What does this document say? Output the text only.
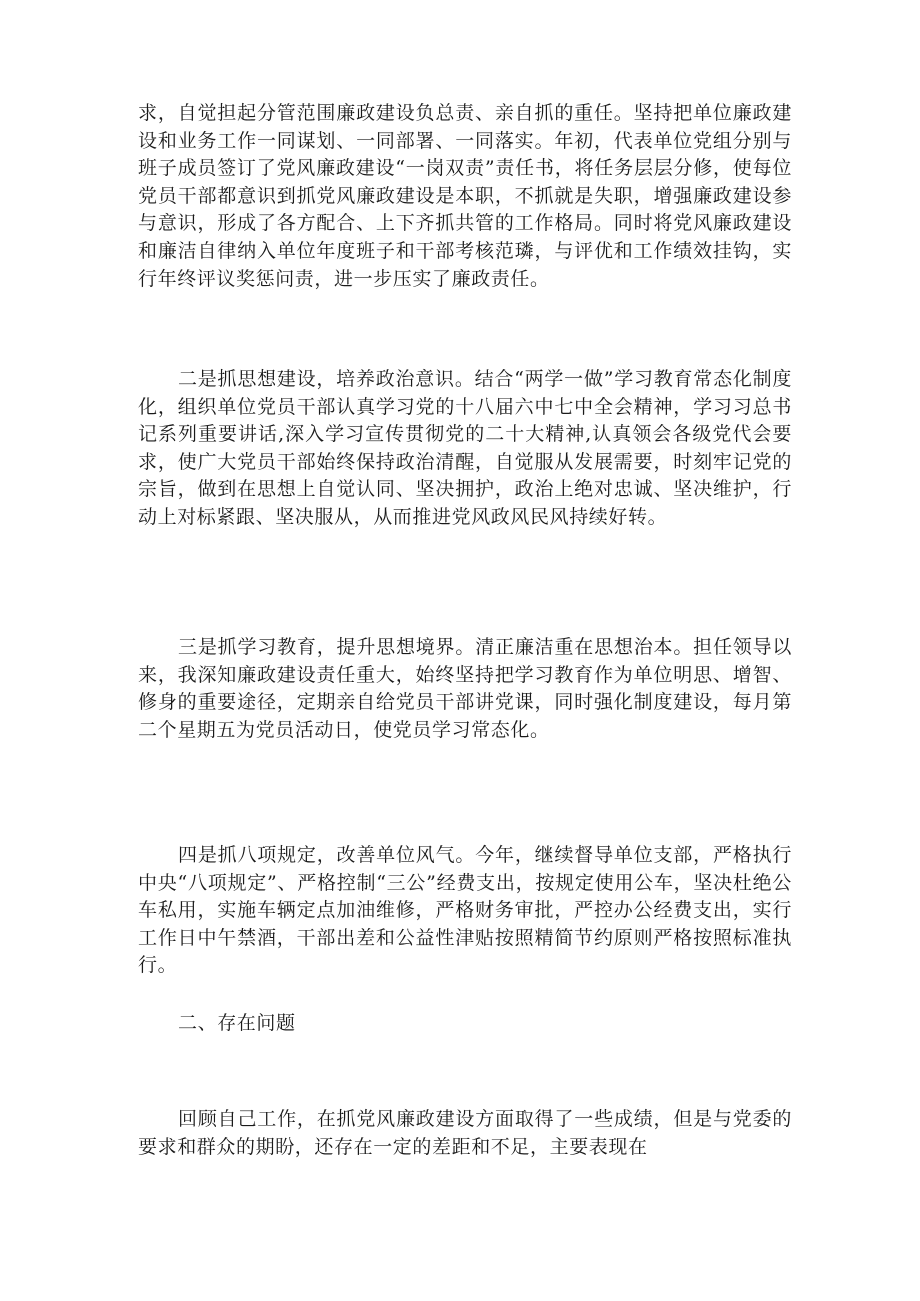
求，自觉担起分管范围廉政建设负总责、亲自抓的重任。坚持把单位廉政建设和业务工作一同谋划、一同部署、一同落实。年初，代表单位党组分别与班子成员签订了党风廉政建设“一岗双责”责任书，将任务层层分修，使每位党员干部都意识到抓党风廉政建设是本职，不抓就是失职，增强廉政建设参与意识，形成了各方配合、上下齐抓共管的工作格局。同时将党风廉政建设和廉洁自律纳入单位年度班子和干部考核范璘，与评优和工作绩效挂钩，实行年终评议奖惩问责，进一步压实了廉政责任。

二是抓思想建设，培养政治意识。结合“两学一做”学习教育常态化制度化，组织单位党员干部认真学习党的十八届六中七中全会精神，学习习总书记系列重要讲话,深入学习宣传贯彻党的二十大精神,认真领会各级党代会要求，使广大党员干部始终保持政治清醒，自觉服从发展需要，时刻牢记党的宗旨，做到在思想上自觉认同、坚决拥护，政治上绝对忠诚、坚决维护，行动上对标紧跟、坚决服从，从而推进党风政风民风持续好转。

三是抓学习教育，提升思想境界。清正廉洁重在思想治本。担任领导以来，我深知廉政建设责任重大，始终坚持把学习教育作为单位明思、增智、修身的重要途径，定期亲自给党员干部讲党课，同时强化制度建设，每月第二个星期五为党员活动日，使党员学习常态化。

四是抓八项规定，改善单位风气。今年，继续督导单位支部，严格执行中央“八项规定”、严格控制“三公”经费支出，按规定使用公车，坚决杜绝公车私用，实施车辆定点加油维修，严格财务审批，严控办公经费支出，实行工作日中午禁酒，干部出差和公益性津贴按照精简节约原则严格按照标准执行。

二、存在问题

回顾自己工作，在抓党风廉政建设方面取得了一些成绩，但是与党委的要求和群众的期盼，还存在一定的差距和不足，主要表现在
